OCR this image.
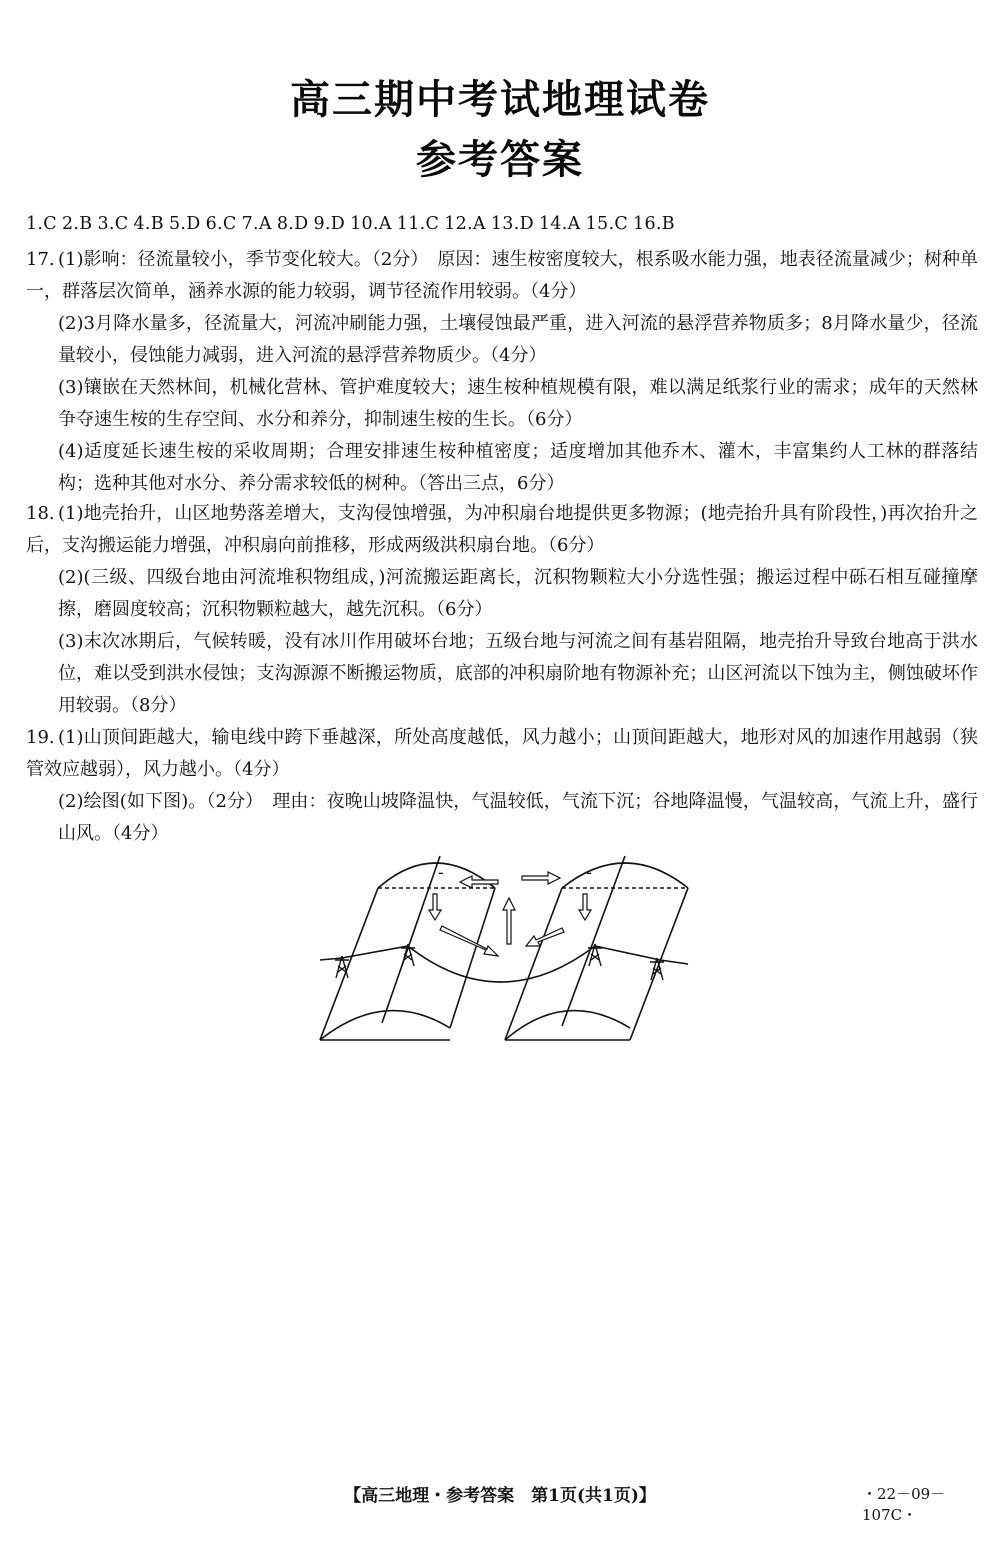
高三期中考试地理试卷
参考答案
1.C 2.B 3.C 4.B 5.D 6.C 7.A 8.D 9.D 10.A 11.C 12.A 13.D 14.A 15.C 16.B
17. (1)影响：径流量较小，季节变化较大。（2分）　原因：速生桉密度较大，根系吸水能力强，地表径流量减少；树种单一，群落层次简单，涵养水源的能力较弱，调节径流作用较弱。（4分）

(2)3月降水量多，径流量大，河流冲刷能力强，土壤侵蚀最严重，进入河流的悬浮营养物质多；8月降水量少，径流量较小，侵蚀能力减弱，进入河流的悬浮营养物质少。（4分）

(3)镶嵌在天然林间，机械化营林、管护难度较大；速生桉种植规模有限，难以满足纸浆行业的需求；成年的天然林争夺速生桉的生存空间、水分和养分，抑制速生桉的生长。（6分）

(4)适度延长速生桉的采收周期；合理安排速生桉种植密度；适度增加其他乔木、灌木，丰富集约人工林的群落结构；选种其他对水分、养分需求较低的树种。（答出三点，6分）

18. (1)地壳抬升，山区地势落差增大，支沟侵蚀增强，为冲积扇台地提供更多物源；(地壳抬升具有阶段性，)再次抬升之后，支沟搬运能力增强，冲积扇向前推移，形成两级洪积扇台地。（6分）

(2)(三级、四级台地由河流堆积物组成，)河流搬运距离长，沉积物颗粒大小分选性强；搬运过程中砾石相互碰撞摩擦，磨圆度较高；沉积物颗粒越大，越先沉积。（6分）

(3)末次冰期后，气候转暖，没有冰川作用破坏台地；五级台地与河流之间有基岩阻隔，地壳抬升导致台地高于洪水位，难以受到洪水侵蚀；支沟源源不断搬运物质，底部的冲积扇阶地有物源补充；山区河流以下蚀为主，侧蚀破坏作用较弱。（8分）

19. (1)山顶间距越大，输电线中跨下垂越深，所处高度越低，风力越小；山顶间距越大，地形对风的加速作用越弱（狭管效应越弱），风力越小。（4分）

(2)绘图(如下图)。（2分）　理由：夜晚山坡降温快，气温较低，气流下沉；谷地降温慢，气温较高，气流上升，盛行山风。（4分）

-	-
【高三地理・参考答案　第1页(共1页)】	・22－09－107C・
